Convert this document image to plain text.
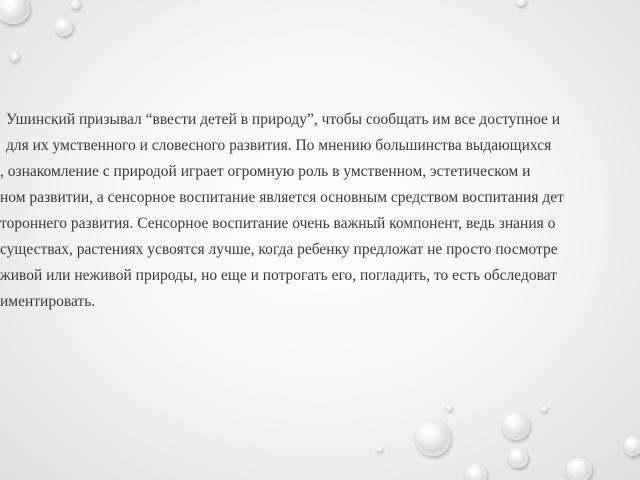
Ушинский призывал “ввести детей в природу”, чтобы сообщать им все доступное и

для их умственного и словесного развития. По мнению большинства выдающихся

, ознакомление с природой играет огромную роль в умственном, эстетическом и

ном развитии, а сенсорное воспитание является основным средством воспитания дет

тороннего развития. Сенсорное воспитание очень важный компонент, ведь знания о

существах, растениях усвоятся лучше, когда ребенку предложат не просто посмотре

живой или неживой природы, но еще и потрогать его, погладить, то есть обследоват

иментировать.
